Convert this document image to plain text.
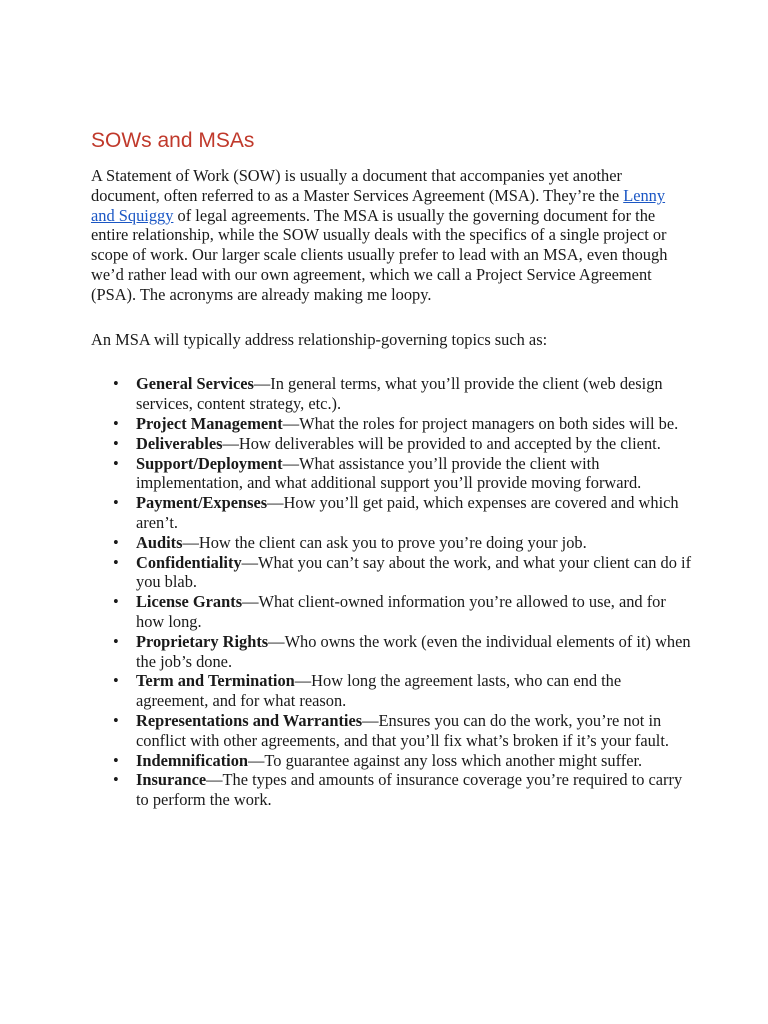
SOWs and MSAs

A Statement of Work (SOW) is usually a document that accompanies yet another document, often referred to as a Master Services Agreement (MSA). They’re the Lenny and Squiggy of legal agreements. The MSA is usually the governing document for the entire relationship, while the SOW usually deals with the specifics of a single project or scope of work. Our larger scale clients usually prefer to lead with an MSA, even though we’d rather lead with our own agreement, which we call a Project Service Agreement (PSA). The acronyms are already making me loopy.

An MSA will typically address relationship-governing topics such as:

• General Services—In general terms, what you’ll provide the client (web design services, content strategy, etc.).
• Project Management—What the roles for project managers on both sides will be.
• Deliverables—How deliverables will be provided to and accepted by the client.
• Support/Deployment—What assistance you’ll provide the client with implementation, and what additional support you’ll provide moving forward.
• Payment/Expenses—How you’ll get paid, which expenses are covered and which aren’t.
• Audits—How the client can ask you to prove you’re doing your job.
• Confidentiality—What you can’t say about the work, and what your client can do if you blab.
• License Grants—What client-owned information you’re allowed to use, and for how long.
• Proprietary Rights—Who owns the work (even the individual elements of it) when the job’s done.
• Term and Termination—How long the agreement lasts, who can end the agreement, and for what reason.
• Representations and Warranties—Ensures you can do the work, you’re not in conflict with other agreements, and that you’ll fix what’s broken if it’s your fault.
• Indemnification—To guarantee against any loss which another might suffer.
• Insurance—The types and amounts of insurance coverage you’re required to carry to perform the work.
